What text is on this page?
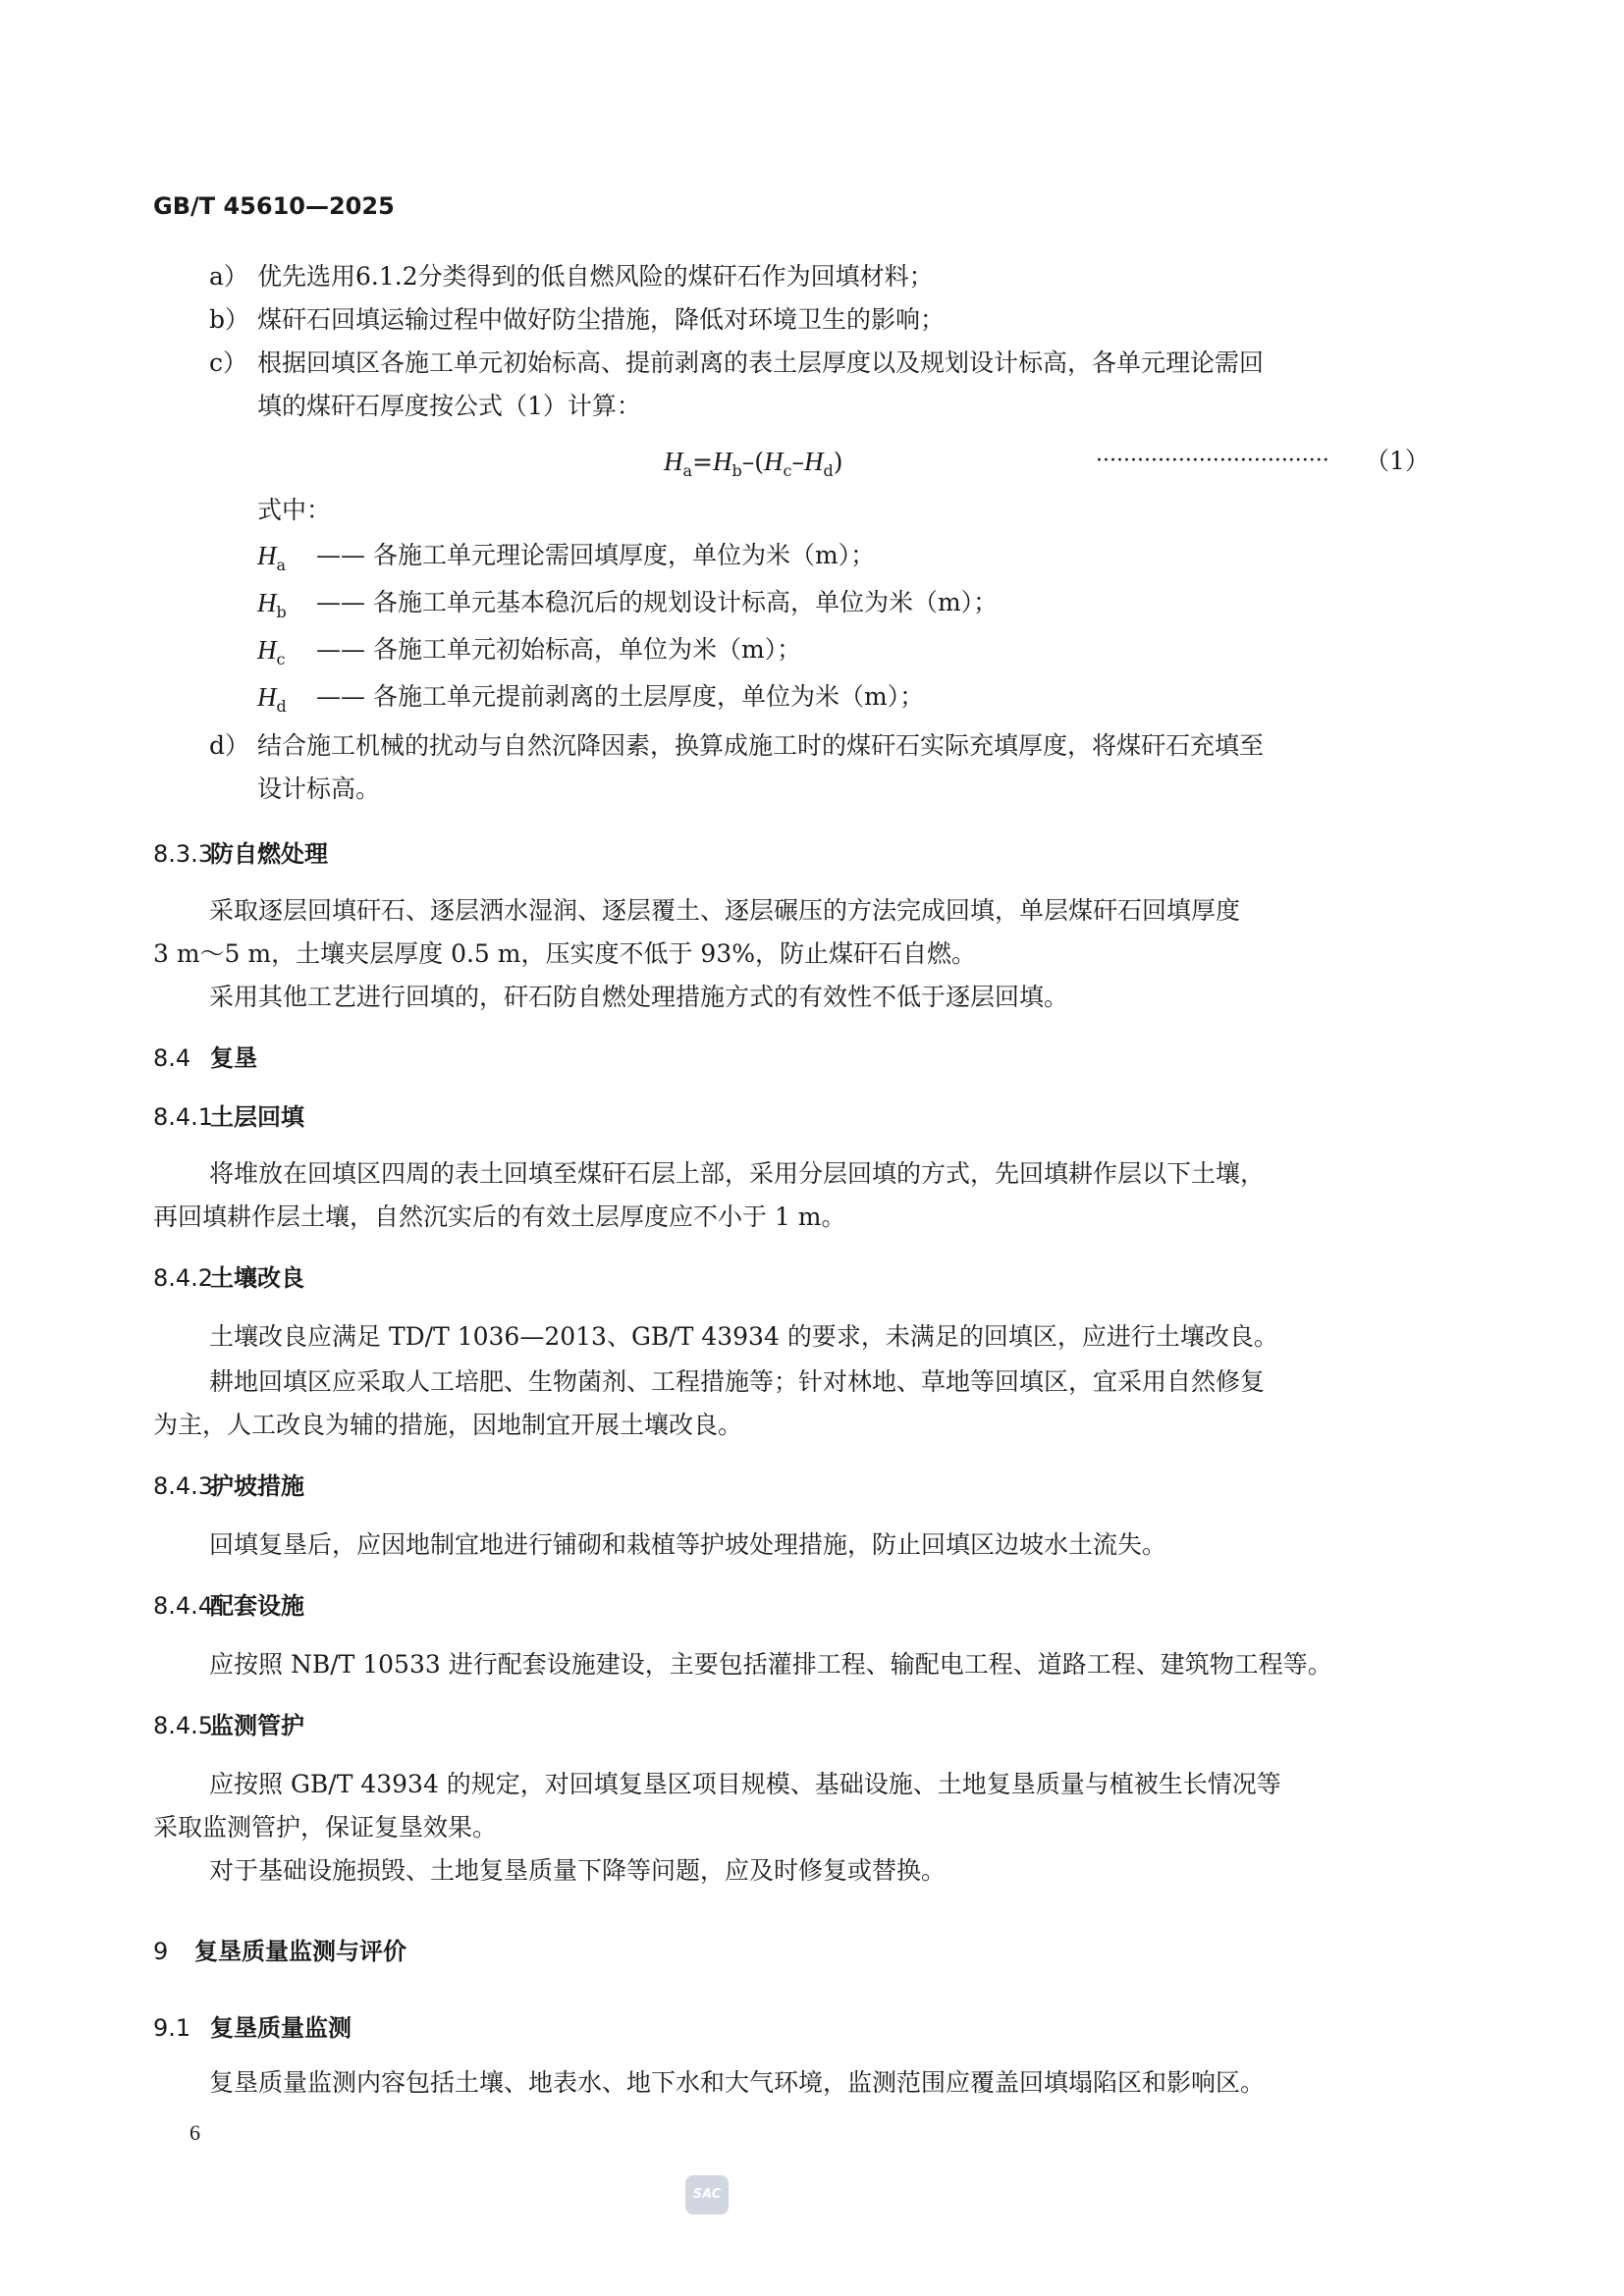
GB/T 45610—2025
a） 优先选用6.1.2分类得到的低自燃风险的煤矸石作为回填材料；
b） 煤矸石回填运输过程中做好防尘措施，降低对环境卫生的影响；
c） 根据回填区各施工单元初始标高、提前剥离的表土层厚度以及规划设计标高，各单元理论需回
填的煤矸石厚度按公式（1）计算：
$H_a=H_b-(H_c-H_d)$	·································· （1）
式中：
$H_a$ —— 各施工单元理论需回填厚度，单位为米（m）；
$H_b$ —— 各施工单元基本稳沉后的规划设计标高，单位为米（m）；
$H_c$ —— 各施工单元初始标高，单位为米（m）；
$H_d$ —— 各施工单元提前剥离的土层厚度，单位为米（m）；
d） 结合施工机械的扰动与自然沉降因素，换算成施工时的煤矸石实际充填厚度，将煤矸石充填至
设计标高。
8.3.3防自燃处理
采取逐层回填矸石、逐层洒水湿润、逐层覆土、逐层碾压的方法完成回填，单层煤矸石回填厚度
3 m～5 m，土壤夹层厚度 0.5 m，压实度不低于 93%，防止煤矸石自燃。
采用其他工艺进行回填的，矸石防自燃处理措施方式的有效性不低于逐层回填。
8.4 复垦
8.4.1土层回填
将堆放在回填区四周的表土回填至煤矸石层上部，采用分层回填的方式，先回填耕作层以下土壤，
再回填耕作层土壤，自然沉实后的有效土层厚度应不小于 1 m。
8.4.2土壤改良
土壤改良应满足 TD/T 1036—2013、GB/T 43934 的要求，未满足的回填区，应进行土壤改良。
耕地回填区应采取人工培肥、生物菌剂、工程措施等；针对林地、草地等回填区，宜采用自然修复
为主，人工改良为辅的措施，因地制宜开展土壤改良。
8.4.3护坡措施
回填复垦后，应因地制宜地进行铺砌和栽植等护坡处理措施，防止回填区边坡水土流失。
8.4.4配套设施
应按照 NB/T 10533 进行配套设施建设，主要包括灌排工程、输配电工程、道路工程、建筑物工程等。
8.4.5监测管护
应按照 GB/T 43934 的规定，对回填复垦区项目规模、基础设施、土地复垦质量与植被生长情况等
采取监测管护，保证复垦效果。
对于基础设施损毁、土地复垦质量下降等问题，应及时修复或替换。
9 复垦质量监测与评价
9.1 复垦质量监测
复垦质量监测内容包括土壤、地表水、地下水和大气环境，监测范围应覆盖回填塌陷区和影响区。
6
SAC
